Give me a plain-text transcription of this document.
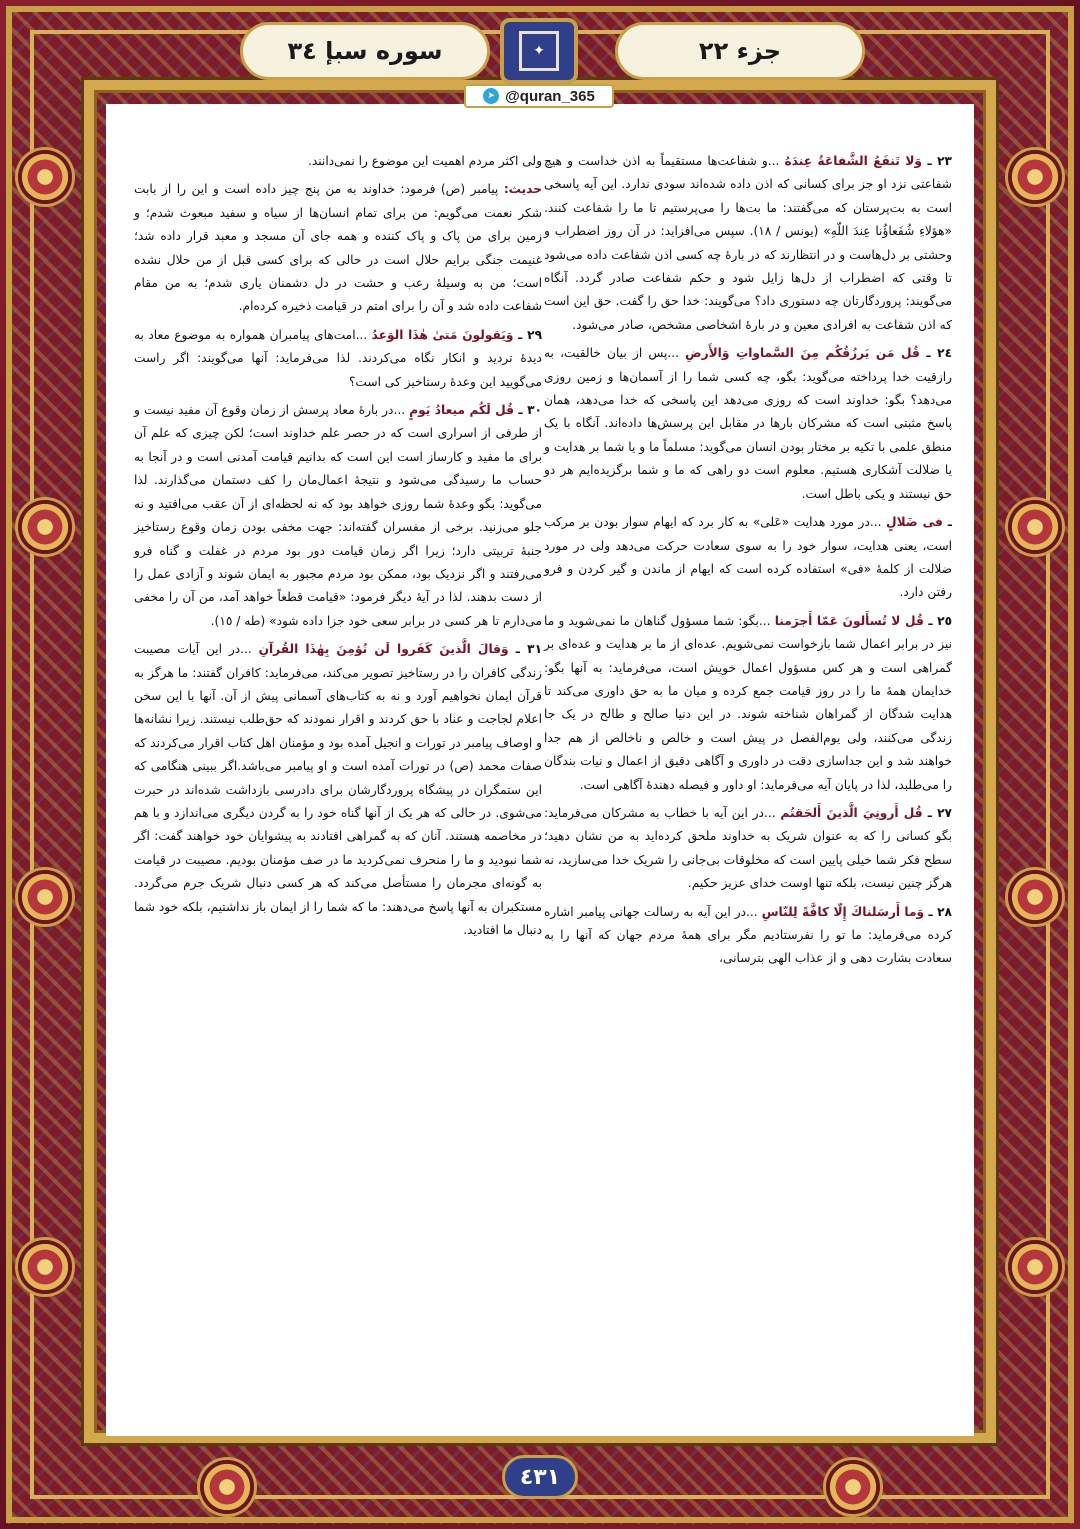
جزء ٢٢
✦
سوره سبإ ٣٤
➤ @quran_365

٢٣ ـ وَلا تَنفَعُ الشَّفاعَةُ عِندَهُ ...و شفاعت‌ها مستقیماً به اذن خداست و هیچ شفاعتی نزد او جز برای کسانی که اذن داده شده‌اند سودی ندارد. این آیه پاسخی است به بت‌پرستان که می‌گفتند: ما بت‌ها را می‌پرستیم تا ما را شفاعت کنند. «هؤلاءِ شُفَعاؤُنا عِندَ اللّهِ» (یونس / ١٨). سپس می‌افزاید: در آن روز اضطراب و وحشتی بر دل‌هاست و در انتظارند که در بارهٔ چه کسی اذن شفاعت داده می‌شود تا وقتی که اضطراب از دل‌ها زایل شود و حکم شفاعت صادر گردد. آنگاه می‌گویند: پروردگارتان چه دستوری داد؟ می‌گویند: خدا حق را گفت. حق این است که اذن شفاعت به افرادی معین و در بارهٔ اشخاصی مشخص، صادر می‌شود.

٢٤ ـ قُل مَن يَرزُقُكُم مِنَ السَّماواتِ وَالأَرضِ ...پس از بیان خالقیت، به رازقیت خدا پرداخته می‌گوید: بگو، چه کسی شما را از آسمان‌ها و زمین روزی می‌دهد؟ بگو: خداوند است که روزی می‌دهد این پاسخی که خدا می‌دهد، همان پاسخ مثبتی است که مشرکان بارها در مقابل این پرسش‌ها داده‌اند. آنگاه با یک منطق علمی با تکیه بر مختار بودن انسان می‌گوید: مسلماً ما و یا شما بر هدایت و یا ضلالت آشکاری هستیم. معلوم است دو راهی که ما و شما برگزیده‌ایم هر دو حق نیستند و یکی باطل است.

ـ فى ضَلالٍ ...در مورد هدایت «عَلى» به کار برد که ایهام سوار بودن بر مرکب است، یعنی هدایت، سوار خود را به سوی سعادت حرکت می‌دهد ولی در مورد ضلالت از کلمهٔ «فى» استفاده کرده است که ایهام از ماندن و گیر کردن و فرو رفتن دارد.

٢٥ ـ قُل لا تُسأَلونَ عَمّا أَجرَمنا ...بگو: شما مسؤول گناهان ما نمی‌شوید و ما نیز در برابر اعمال شما بازخواست نمی‌شویم. عده‌ای از ما بر هدایت و عده‌ای بر گمراهی است و هر کس مسؤول اعمال خویش است، می‌فرماید: به آنها بگو: خدایمان همهٔ ما را در روز قیامت جمع کرده و میان ما به حق داوری می‌کند تا هدایت شدگان از گمراهان شناخته شوند. در این دنیا صالح و طالح در یک جا زندگی می‌کنند، ولی یوم‌الفصل در پیش است و خالص و ناخالص از هم جدا خواهند شد و این جداسازی دقت در داوری و آگاهی دقیق از اعمال و نیات بندگان را می‌طلبد، لذا در پایان آیه می‌فرماید: او داور و فیصله دهندهٔ آگاهی است.

٢٧ ـ قُل أَرونِيَ الَّذينَ أَلحَقتُم ...در این آیه با خطاب به مشرکان می‌فرماید: بگو کسانی را که به عنوان شریک به خداوند ملحق کرده‌اید به من نشان دهید؛ سطح فکر شما خیلی پایین است که مخلوقات بی‌جانی را شریک خدا می‌سازید، نه هرگز چنین نیست، بلکه تنها اوست خدای عزیز حکیم.

٢٨ ـ وَما أَرسَلناكَ إِلّا كافَّةً لِلنّاسِ ...در این آیه به رسالت جهانی پیامبر اشاره کرده می‌فرماید: ما تو را نفرستادیم مگر برای همهٔ مردم جهان که آنها را به سعادت بشارت دهی و از عذاب الهی بترسانی،

ولی اکثر مردم اهمیت این موضوع را نمی‌دانند.

حدیث: پیامبر (ص) فرمود: خداوند به من پنج چیز داده است و این را از بابت شکر نعمت می‌گویم: من برای تمام انسان‌ها از سیاه و سفید مبعوث شدم؛ و زمین برای من پاک و پاک کننده و همه جای آن مسجد و معبد قرار داده شد؛ غنیمت جنگی برایم حلال است در حالی که برای کسی قبل از من حلال نشده است؛ من به وسیلهٔ رعب و حشت در دل دشمنان یاری شدم؛ به من مقام شفاعت داده شد و آن را برای امتم در قیامت ذخیره کرده‌ام.

٢٩ ـ وَيَقولونَ مَتىٰ هٰذَا الوَعدُ ...امت‌های پیامبران همواره به موضوع معاد به دیدهٔ تردید و انکار نگاه می‌کردند. لذا می‌فرماید: آنها می‌گویند: اگر راست می‌گویید این وعدهٔ رستاخیز کی است؟

٣٠ ـ قُل لَكُم ميعادُ يَومٍ ...در بارهٔ معاد پرسش از زمان وقوع آن مفید نیست و از طرفی از اسراری است که در حصر علم خداوند است؛ لکن چیزی که علم آن برای ما مفید و کارساز است این است که بدانیم قیامت آمدنی است و در آنجا به حساب ما رسیدگی می‌شود و نتیجهٔ اعمال‌مان را کف دستمان می‌گذارند. لذا می‌گوید: بگو وعدهٔ شما روزی خواهد بود که نه لحظه‌ای از آن عقب می‌افتید و نه جلو می‌زنید. برخی از مفسران گفته‌اند: جهت مخفی بودن زمان وقوع رستاخیز جنبهٔ تربیتی دارد؛ زیرا اگر زمان قیامت دور بود مردم در غفلت و گناه فرو می‌رفتند و اگر نزدیک بود، ممکن بود مردم مجبور به ایمان شوند و آزادی عمل را از دست بدهند. لذا در آیهٔ دیگر فرمود: «قیامت قطعاً خواهد آمد، من آن را مخفی می‌دارم تا هر کسی در برابر سعی خود جزا داده شود» (طه / ١٥).

٣١ ـ وَقالَ الَّذينَ كَفَروا لَن نُؤمِنَ بِهٰذَا القُرآنِ ...در این آیات مصیبت زندگی کافران را در رستاخیز تصویر می‌کند، می‌فرماید: کافران گفتند: ما هرگز به قرآن ایمان نخواهیم آورد و نه به کتاب‌های آسمانی پیش از آن. آنها با این سخن اعلام لجاجت و عناد با حق کردند و اقرار نمودند که حق‌طلب نیستند. زیرا نشانه‌ها و اوصاف پیامبر در تورات و انجیل آمده بود و مؤمنان اهل کتاب اقرار می‌کردند که صفات محمد (ص) در تورات آمده است و او پیامبر مى‌باشد.اگر ببینی هنگامی که این ستمگران در پیشگاه پروردگارشان برای دادرسی بازداشت شده‌اند در حیرت می‌شوی. در حالی که هر یک از آنها گناه خود را به گردن دیگری می‌اندازد و با هم در مخاصمه هستند. آنان که به گمراهی افتادند به پیشوایان خود خواهند گفت: اگر شما نبودید و ما را منحرف نمی‌کردید ما در صف مؤمنان بودیم. مصیبت در قیامت به گونه‌ای مجرمان را مستأصل می‌کند که هر کسی دنبال شریک جرم می‌گردد. مستکبران به آنها پاسخ می‌دهند: ما که شما را از ایمان باز نداشتیم، بلکه خود شما دنبال ما افتادید.

٤٣١
